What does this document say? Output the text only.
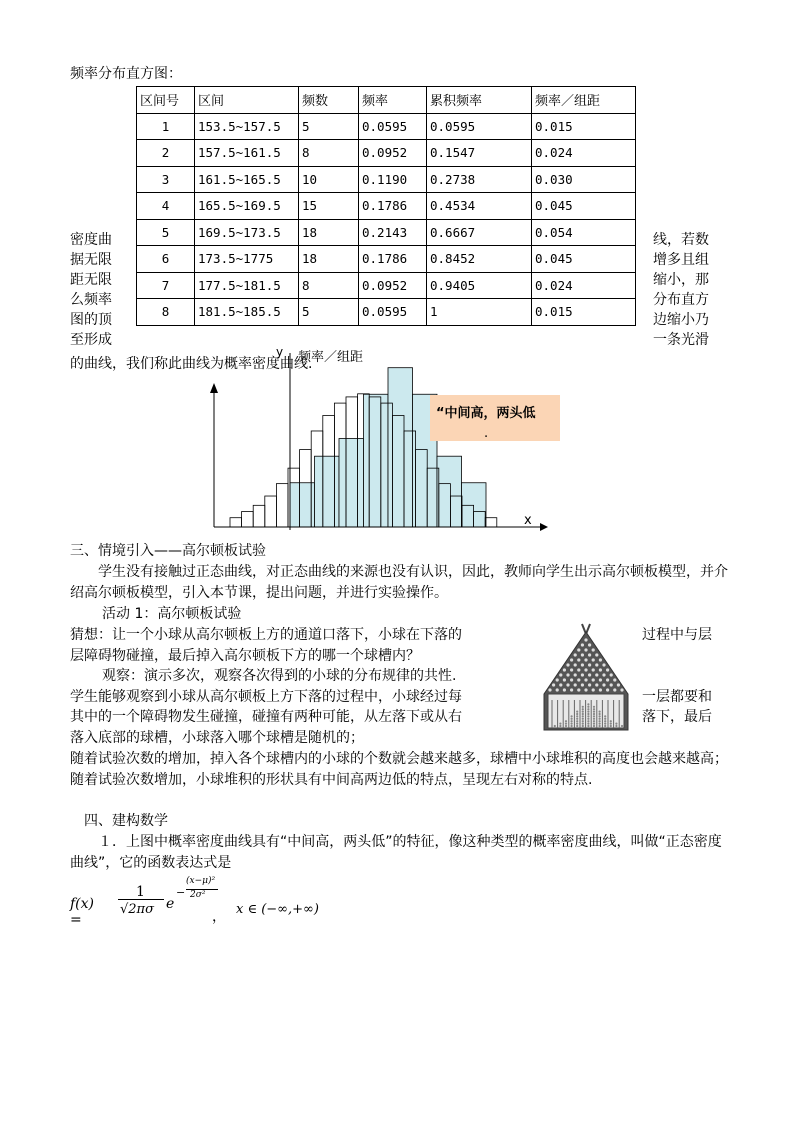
频率分布直方图：
区间号	区间	频数	频率	累积频率	频率／组距
1	153.5~157.5	5	0.0595	0.0595	0.015
2	157.5~161.5	8	0.0952	0.1547	0.024
3	161.5~165.5	10	0.1190	0.2738	0.030
4	165.5~169.5	15	0.1786	0.4534	0.045
5	169.5~173.5	18	0.2143	0.6667	0.054
6	173.5~1775	18	0.1786	0.8452	0.045
7	177.5~181.5	8	0.0952	0.9405	0.024
8	181.5~185.5	5	0.0595	1	0.015
密度曲
据无限
距无限
么频率
图的顶
至形成
线，若数
增多且组
缩小，那
分布直方
边缩小乃
一条光滑
的曲线，我们称此曲线为概率密度曲线.
y 频率／组距
x
“中间高，两头低
.
三、情境引入——高尔顿板试验
学生没有接触过正态曲线，对正态曲线的来源也没有认识，因此，教师向学生出示高尔顿板模型，并介绍高尔顿板模型，引入本节课，提出问题，并进行实验操作。
活动 1：高尔顿板试验
猜想：让一个小球从高尔顿板上方的通道口落下，小球在下落的	过程中与层
层障碍物碰撞，最后掉入高尔顿板下方的哪一个球槽内？
观察：演示多次，观察各次得到的小球的分布规律的共性.
学生能够观察到小球从高尔顿板上方下落的过程中，小球经过每	一层都要和
其中的一个障碍物发生碰撞，碰撞有两种可能，从左落下或从右	落下，最后
落入底部的球槽，小球落入哪个球槽是随机的；
随着试验次数的增加，掉入各个球槽内的小球的个数就会越来越多，球槽中小球堆积的高度也会越来越高；随着试验次数增加，小球堆积的形状具有中间高两边低的特点，呈现左右对称的特点.
四、建构数学
１．上图中概率密度曲线具有“中间高，两头低”的特征，像这种类型的概率密度曲线，叫做“正态密度曲线”，它的函数表达式是
f(x) =
1
√2πσ e
−
(x−μ)²
2σ²
， x ∈ (−∞,+∞)
